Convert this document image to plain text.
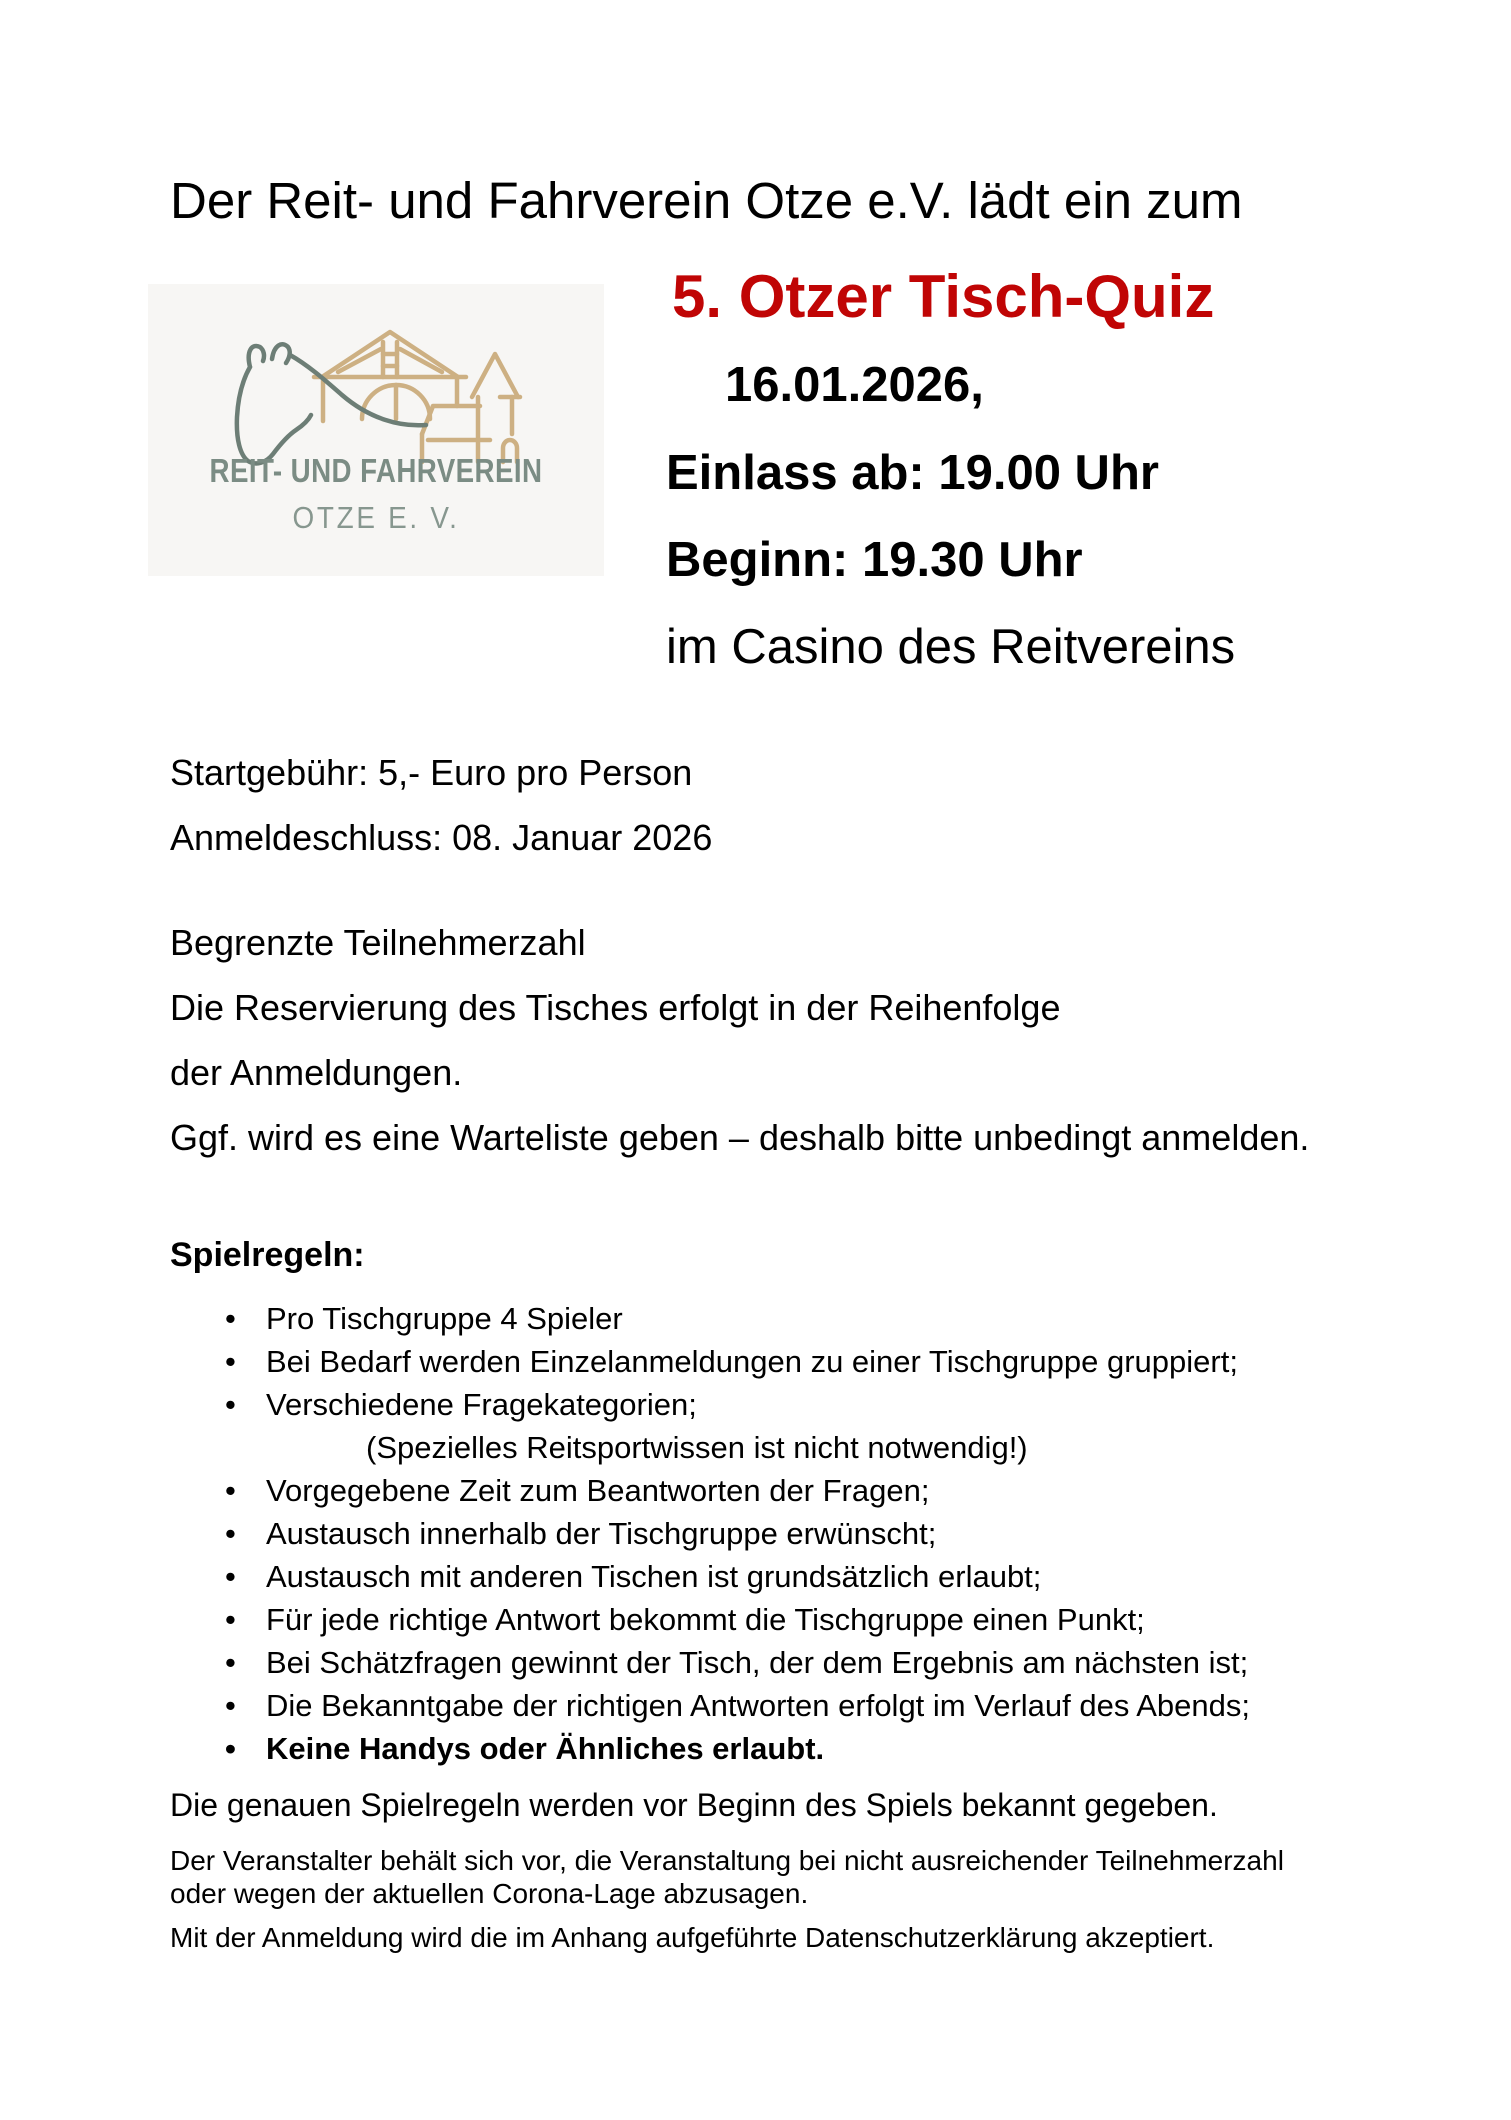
Der Reit- und Fahrverein Otze e.V. lädt ein zum
REIT- UND FAHRVEREIN
OTZE E. V.
5. Otzer Tisch-Quiz
16.01.2026,
Einlass ab: 19.00 Uhr
Beginn: 19.30 Uhr
im Casino des Reitvereins

Startgebühr: 5,- Euro pro Person

Anmeldeschluss: 08. Januar 2026

Begrenzte Teilnehmerzahl

Die Reservierung des Tisches erfolgt in der Reihenfolge

der Anmeldungen.

Ggf. wird es eine Warteliste geben – deshalb bitte unbedingt anmelden.

Spielregeln:
• Pro Tischgruppe 4 Spieler
• Bei Bedarf werden Einzelanmeldungen zu einer Tischgruppe gruppiert;
• Verschiedene Fragekategorien;
(Spezielles Reitsportwissen ist nicht notwendig!)
• Vorgegebene Zeit zum Beantworten der Fragen;
• Austausch innerhalb der Tischgruppe erwünscht;
• Austausch mit anderen Tischen ist grundsätzlich erlaubt;
• Für jede richtige Antwort bekommt die Tischgruppe einen Punkt;
• Bei Schätzfragen gewinnt der Tisch, der dem Ergebnis am nächsten ist;
• Die Bekanntgabe der richtigen Antworten erfolgt im Verlauf des Abends;
• Keine Handys oder Ähnliches erlaubt.

Die genauen Spielregeln werden vor Beginn des Spiels bekannt gegeben.

Der Veranstalter behält sich vor, die Veranstaltung bei nicht ausreichender Teilnehmerzahl
oder wegen der aktuellen Corona-Lage abzusagen.

Mit der Anmeldung wird die im Anhang aufgeführte Datenschutzerklärung akzeptiert.
